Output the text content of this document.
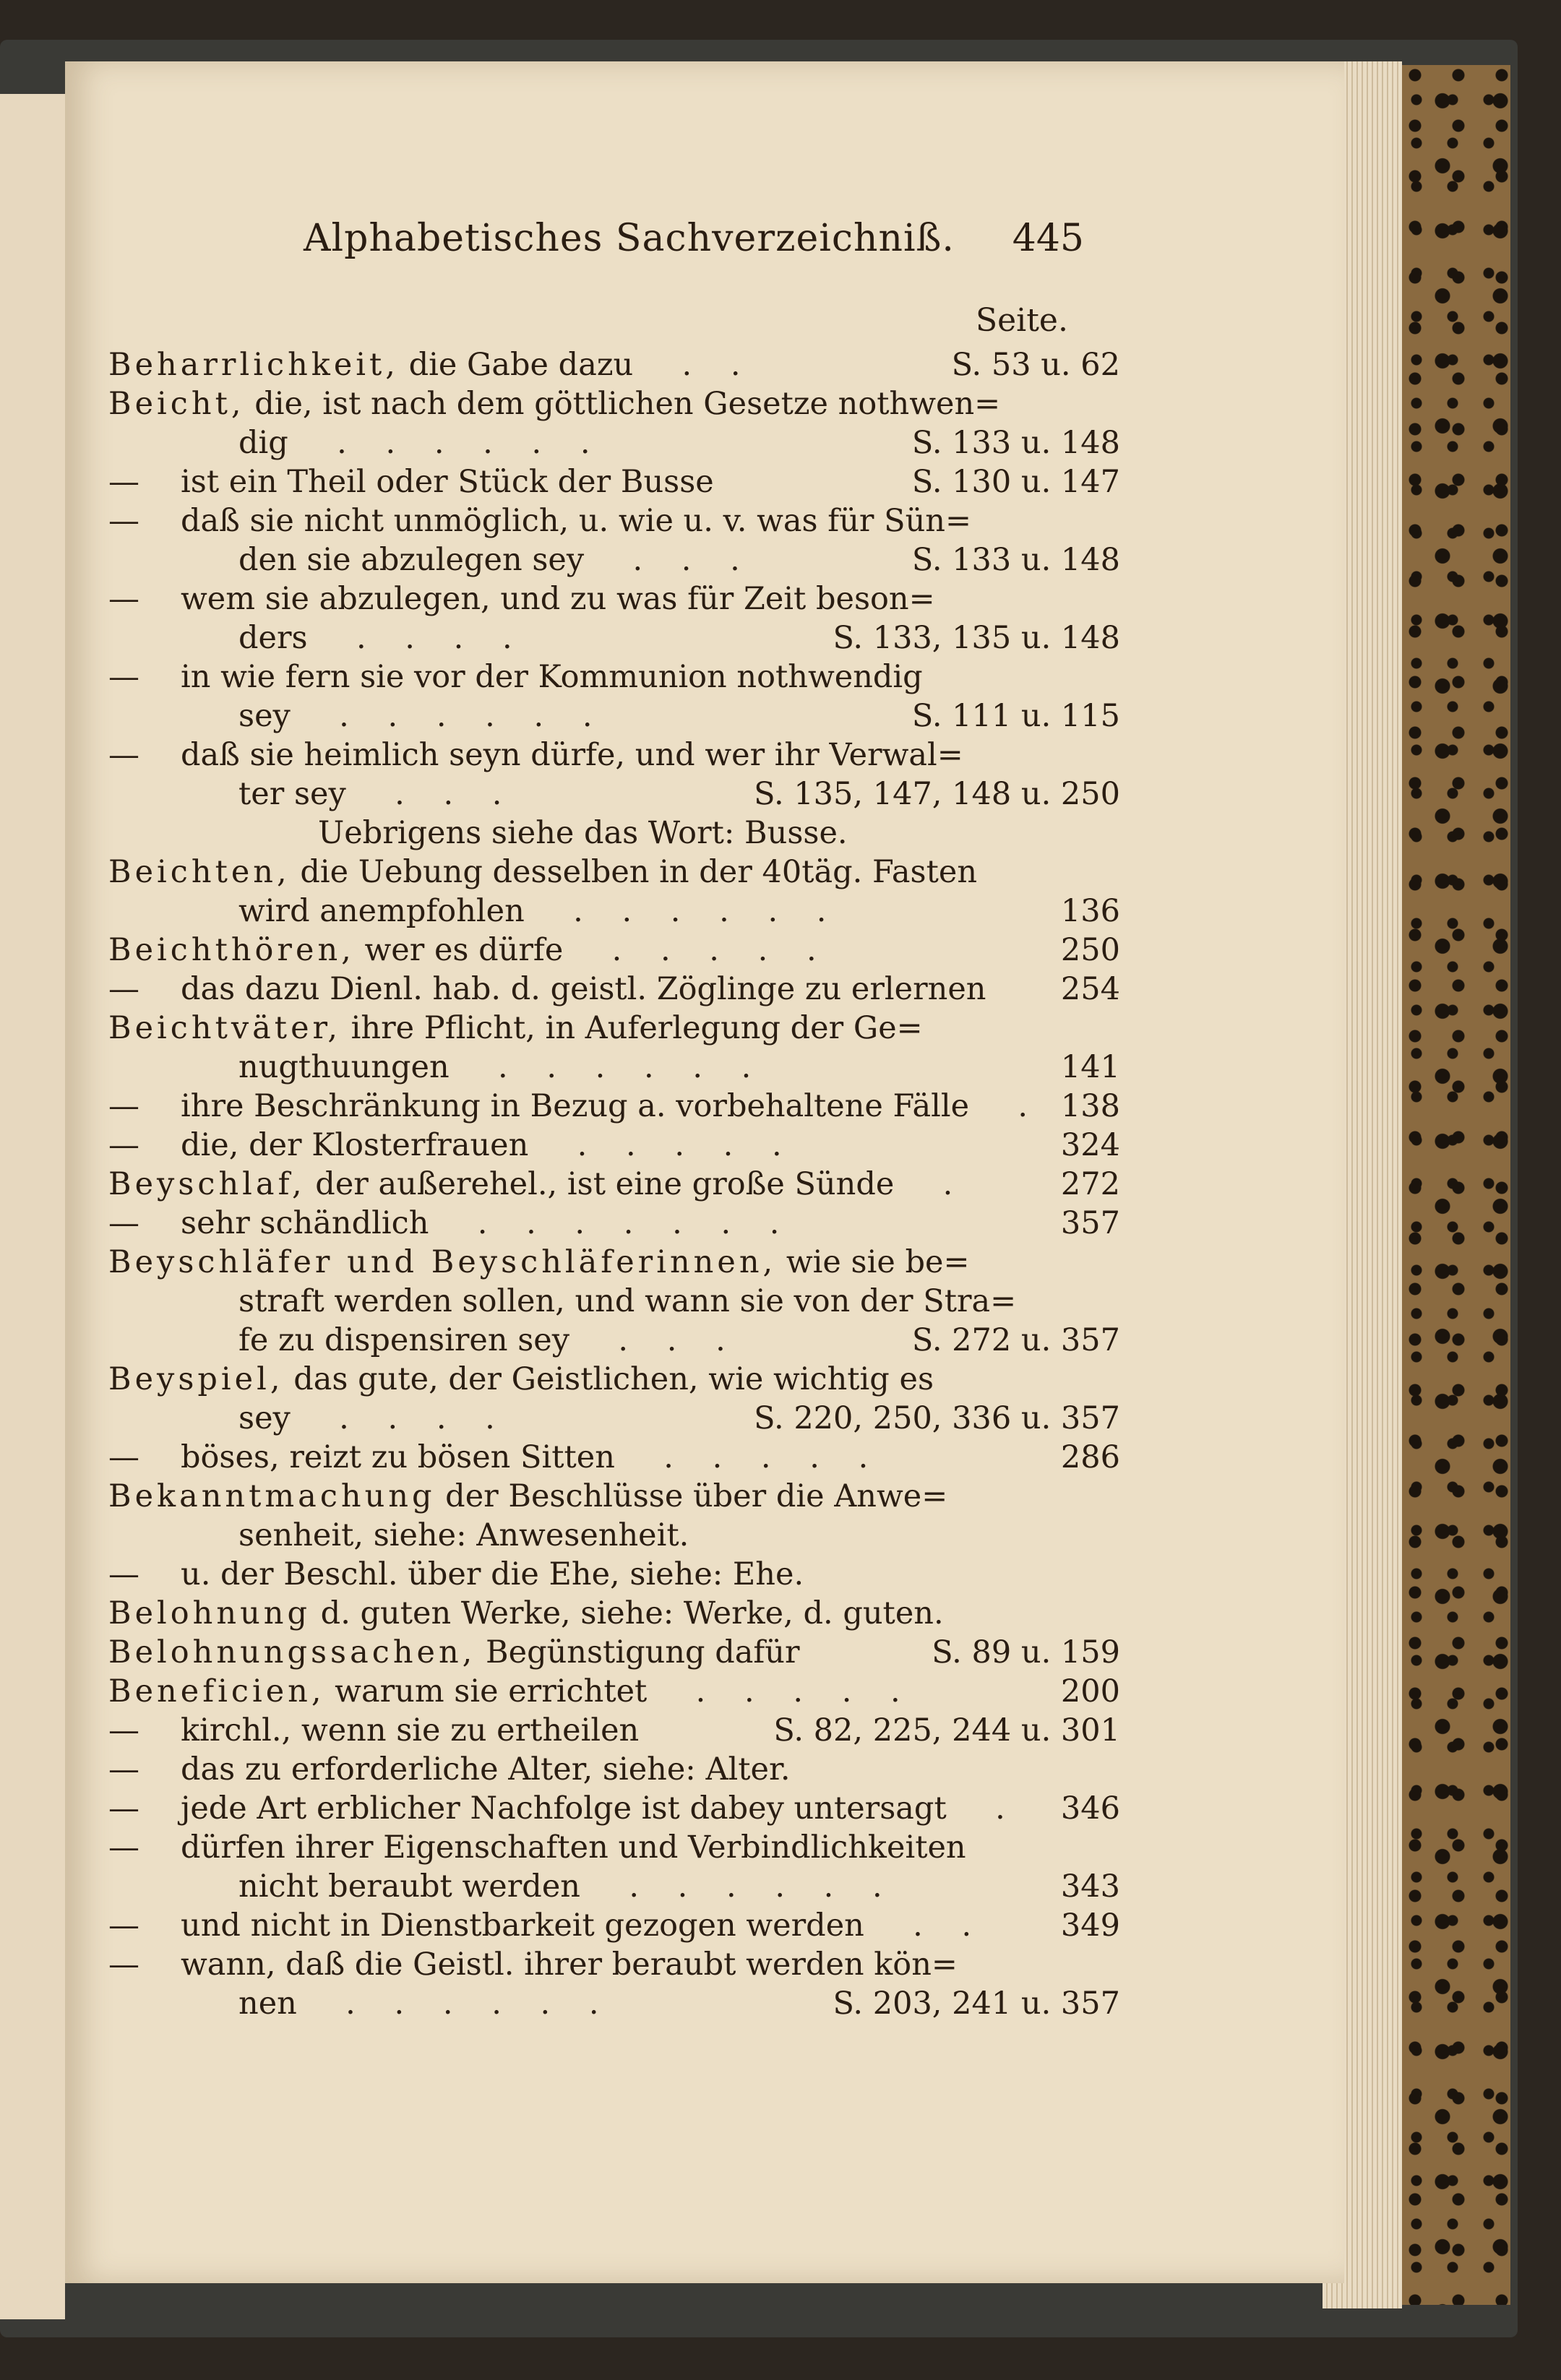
Alphabetisches Sachverzeichniß. 445
Seite.
Beharrlichkeit, die Gabe dazu  . .	S. 53 u. 62
Beicht, die, ist nach dem göttlichen Gesetze nothwen=
dig  . . . . . .	S. 133 u. 148
— ist ein Theil oder Stück der Busse	S. 130 u. 147
— daß sie nicht unmöglich, u. wie u. v. was für Sün=
den sie abzulegen sey  . . .	S. 133 u. 148
— wem sie abzulegen, und zu was für Zeit beson=
ders  . . . .	S. 133, 135 u. 148
— in wie fern sie vor der Kommunion nothwendig
sey  . . . . . .	S. 111 u. 115
— daß sie heimlich seyn dürfe, und wer ihr Verwal=
ter sey  . . .	S. 135, 147, 148 u. 250
Uebrigens siehe das Wort: Busse.
Beichten, die Uebung desselben in der 40täg. Fasten
wird anempfohlen  . . . . . .	136
Beichthören, wer es dürfe  . . . . .	250
— das dazu Dienl. hab. d. geistl. Zöglinge zu erlernen 254
Beichtväter, ihre Pflicht, in Auferlegung der Ge=
nugthuungen  . . . . . .	141
— ihre Beschränkung in Bezug a. vorbehaltene Fälle  . 138
— die, der Klosterfrauen  . . . . .	324
Beyschlaf, der außerehel., ist eine große Sünde  .	272
— sehr schändlich  . . . . . . .	357
Beyschläfer und Beyschläferinnen, wie sie be=
straft werden sollen, und wann sie von der Stra=
fe zu dispensiren sey  . . .	S. 272 u. 357
Beyspiel, das gute, der Geistlichen, wie wichtig es
sey  . . . .	S. 220, 250, 336 u. 357
— böses, reizt zu bösen Sitten  . . . . .	286
Bekanntmachung der Beschlüsse über die Anwe=
senheit, siehe: Anwesenheit.
— u. der Beschl. über die Ehe, siehe: Ehe.
Belohnung d. guten Werke, siehe: Werke, d. guten.
Belohnungssachen, Begünstigung dafür	S. 89 u. 159
Beneficien, warum sie errichtet  . . . . .	200
— kirchl., wenn sie zu ertheilen	S. 82, 225, 244 u. 301
— das zu erforderliche Alter, siehe: Alter.
— jede Art erblicher Nachfolge ist dabey untersagt  . 346
— dürfen ihrer Eigenschaften und Verbindlichkeiten
nicht beraubt werden  . . . . . .	343
— und nicht in Dienstbarkeit gezogen werden  . . 349
— wann, daß die Geistl. ihrer beraubt werden kön=
nen  . . . . . .	S. 203, 241 u. 357
